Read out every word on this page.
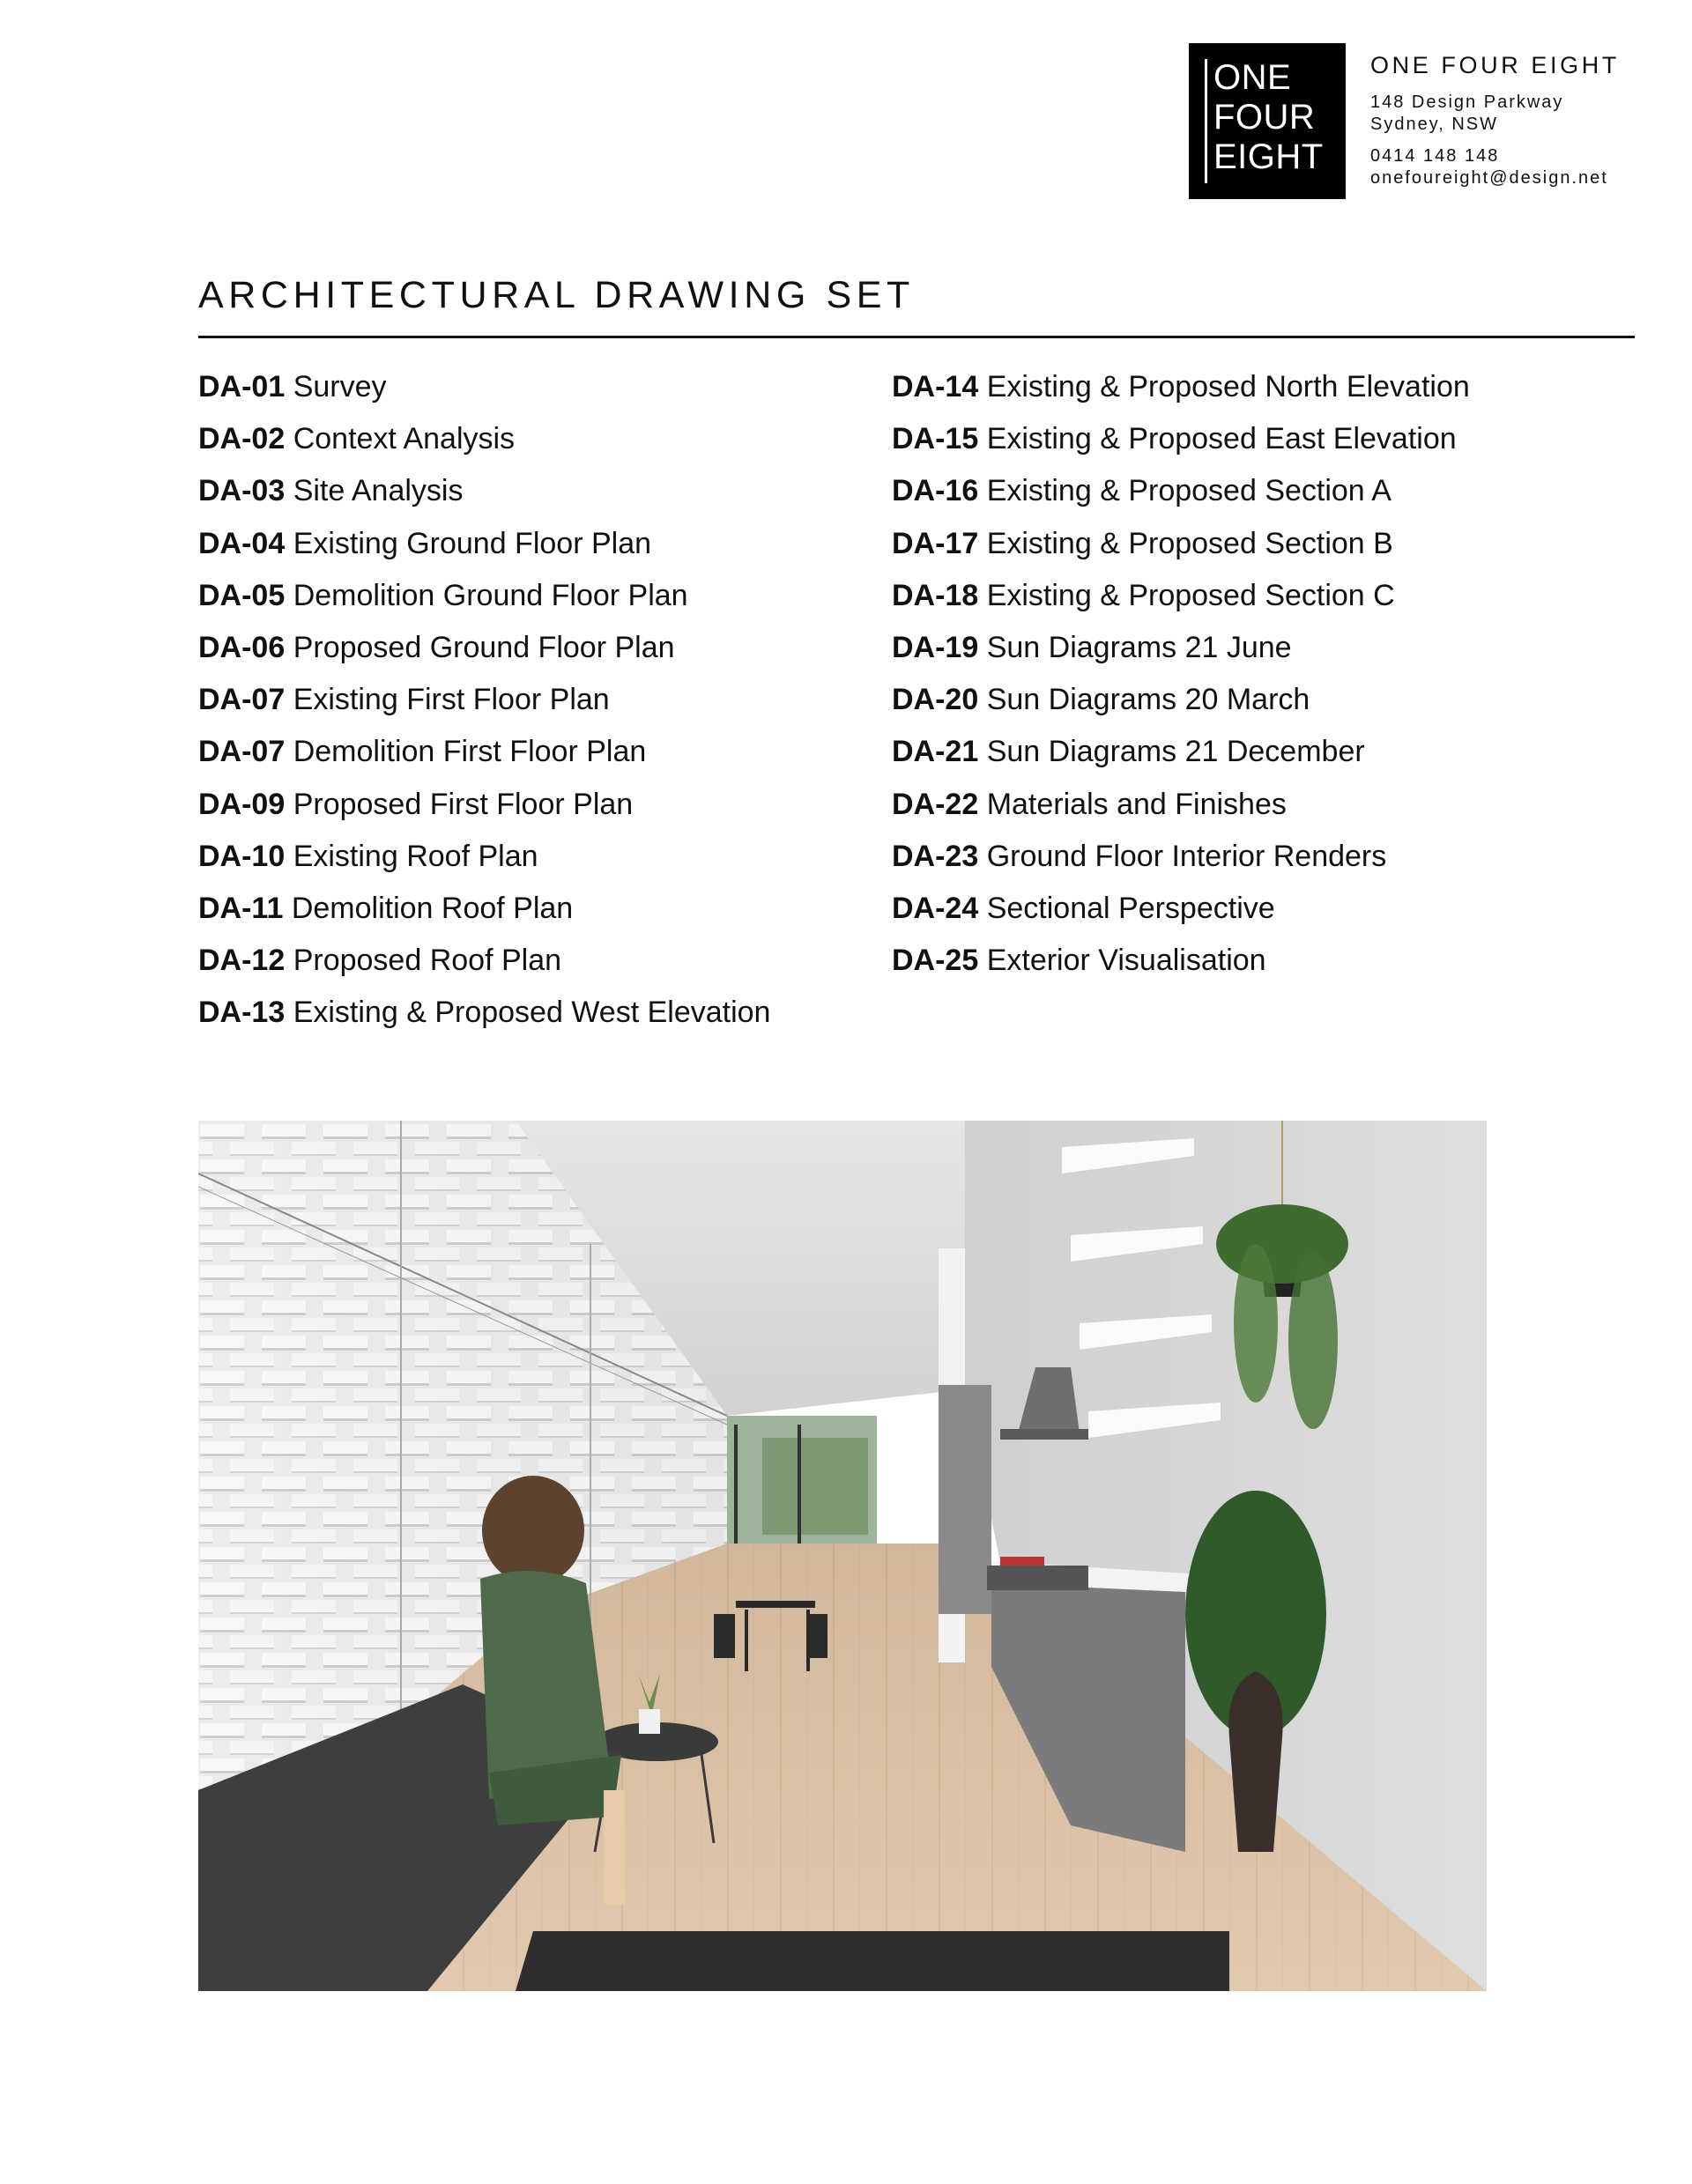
ONE
FOUR
EIGHT
ONE FOUR EIGHT
148 Design Parkway
Sydney, NSW
0414 148 148
onefoureight@design.net
ARCHITECTURAL DRAWING SET
DA-01 Survey
DA-02 Context Analysis
DA-03 Site Analysis
DA-04 Existing Ground Floor Plan
DA-05 Demolition Ground Floor Plan
DA-06 Proposed Ground Floor Plan
DA-07 Existing First Floor Plan
DA-07 Demolition First Floor Plan
DA-09 Proposed First Floor Plan
DA-10 Existing Roof Plan
DA-11 Demolition Roof Plan
DA-12 Proposed Roof Plan
DA-13 Existing & Proposed West Elevation
DA-14 Existing & Proposed North Elevation
DA-15 Existing & Proposed East Elevation
DA-16 Existing & Proposed Section A
DA-17 Existing & Proposed Section B
DA-18 Existing & Proposed Section C
DA-19 Sun Diagrams 21 June
DA-20 Sun Diagrams 20 March
DA-21 Sun Diagrams 21 December
DA-22 Materials and Finishes
DA-23 Ground Floor Interior Renders
DA-24 Sectional Perspective
DA-25 Exterior Visualisation
